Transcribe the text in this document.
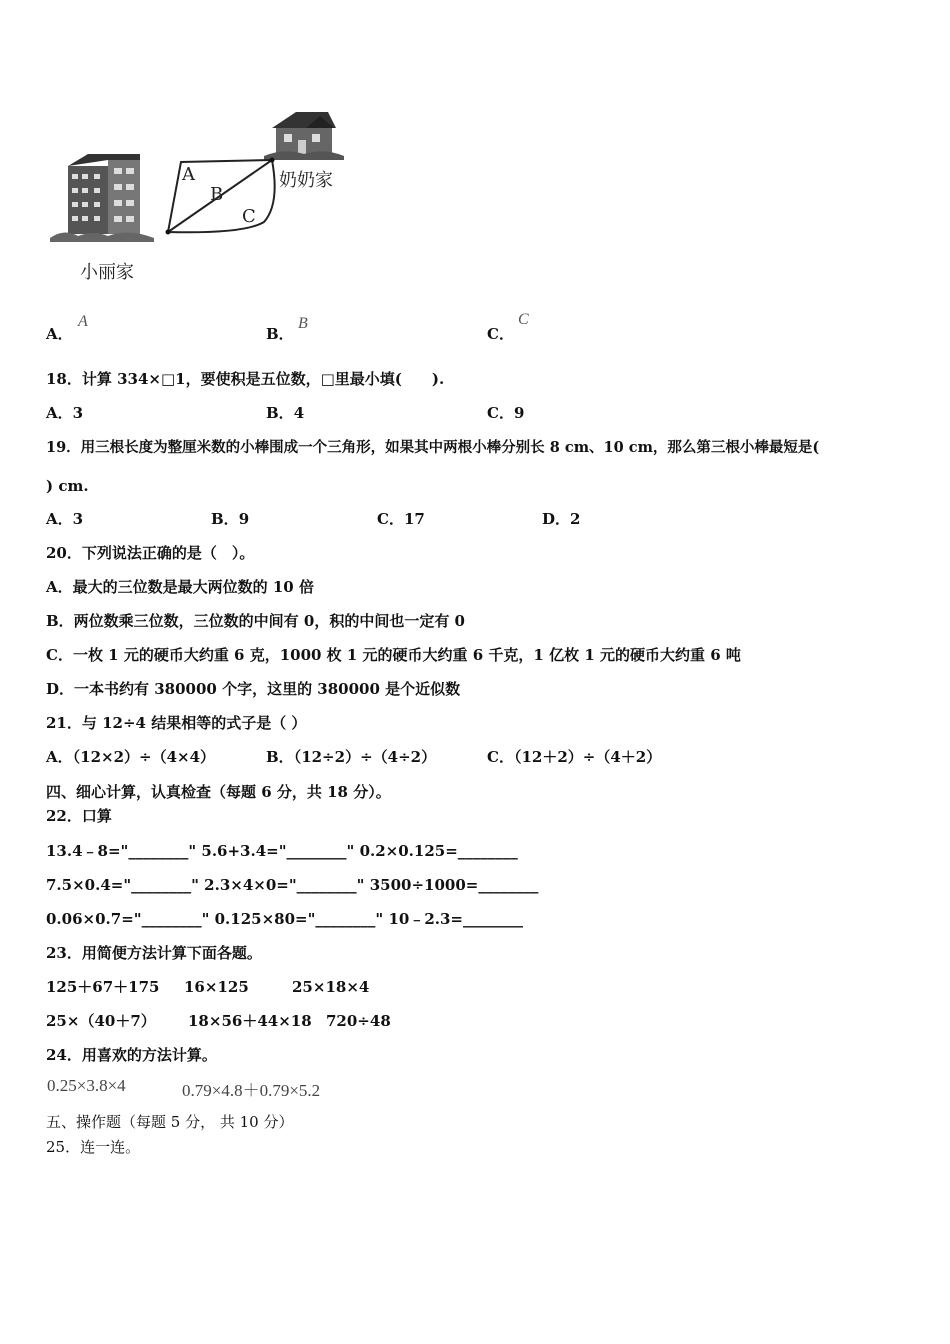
A
B
C
奶奶家
小丽家
A．
A
B．
B
C．
C
18．计算 334×□1，要使积是五位数，□里最小填(　　).
A．3	B．4	C．9
19．用三根长度为整厘米数的小棒围成一个三角形，如果其中两根小棒分别长 8 cm、10 cm，那么第三根小棒最短是(
) cm.
A．3	B．9	C．17	D．2
20．下列说法正确的是（　）。
A．最大的三位数是最大两位数的 10 倍
B．两位数乘三位数，三位数的中间有 0，积的中间也一定有 0
C．一枚 1 元的硬币大约重 6 克，1000 枚 1 元的硬币大约重 6 千克，1 亿枚 1 元的硬币大约重 6 吨
D．一本书约有 380000 个字，这里的 380000 是个近似数
21．与 12÷4 结果相等的式子是（ ）
A．（12×2）÷（4×4）	B．（12÷2）÷（4÷2）	C．（12＋2）÷（4＋2）
四、细心计算，认真检查（每题 6 分，共 18 分）。
22．口算
13.4﹣8="________" 5.6+3.4="________" 0.2×0.125=________
7.5×0.4="________" 2.3×4×0="________" 3500÷1000=________
0.06×0.7="________" 0.125×80="________" 10﹣2.3=________
23．用简便方法计算下面各题。
125＋67＋175 16×125	25×18×4
25×（40＋7） 18×56＋44×18 720÷48
24．用喜欢的方法计算。
0.25×3.8×4	0.79×4.8＋0.79×5.2
五、操作题（每题 5 分， 共 10 分）
25．连一连。
